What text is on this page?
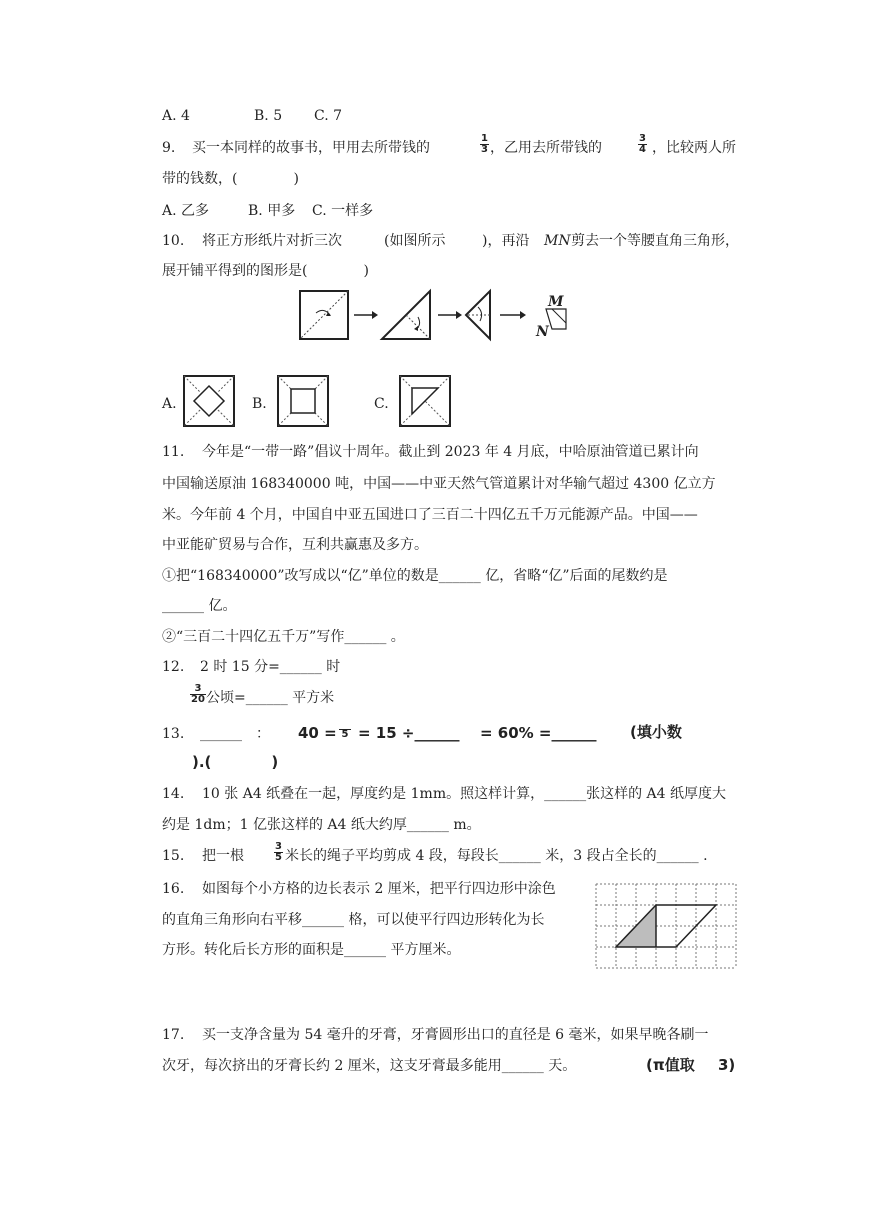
A. 4	B. 5 C. 7
9. 买一本同样的故事书，甲用去所带钱的	$\frac{1}{3}$ ，乙用去所带钱的	$\frac{3}{4}$ ，比较两人所
带的钱数，(　　　　)
A. 乙多	B. 甲多 C. 一样多
10. 将正方形纸片对折三次	(如图所示	)，再沿 MN 剪去一个等腰直角三角形，
展开铺平得到的图形是(　　　　)
M
N
A.	B.	C.
11. 今年是“一带一路”倡议十周年。截止到 2023 年 4 月底，中哈原油管道已累计向
中国输送原油 168340000 吨，中国——中亚天然气管道累计对华输气超过 4300 亿立方
米。今年前 4 个月，中国自中亚五国进口了三百二十四亿五千万元能源产品。中国——
中亚能矿贸易与合作，互利共赢惠及多方。
①把“168340000”改写成以“亿”单位的数是______ 亿，省略“亿”后面的尾数约是
______ 亿。
②“三百二十四亿五千万”写作______ 。
12. 2 时 15 分=______ 时
$\frac{3}{20}$ 公顷=______ 平方米
13. ______ ： 40 = 5 = 15 ÷______ = 60% =______ (填小数
).(　　　　)
14. 10 张 A4 纸叠在一起，厚度约是 1mm。照这样计算，______张这样的 A4 纸厚度大
约是 1dm；1 亿张这样的 A4 纸大约厚______ m。
15. 把一根	$\frac{3}{5}$ 米长的绳子平均剪成 4 段，每段长______ 米，3 段占全长的______ .
16. 如图每个小方格的边长表示 2 厘米，把平行四边形中涂色
的直角三角形向右平移______ 格，可以使平行四边形转化为长
方形。转化后长方形的面积是______ 平方厘米。
17. 买一支净含量为 54 毫升的牙膏，牙膏圆形出口的直径是 6 毫米，如果早晚各刷一
次牙，每次挤出的牙膏长约 2 厘米，这支牙膏最多能用______ 天。	(π值取 3)
